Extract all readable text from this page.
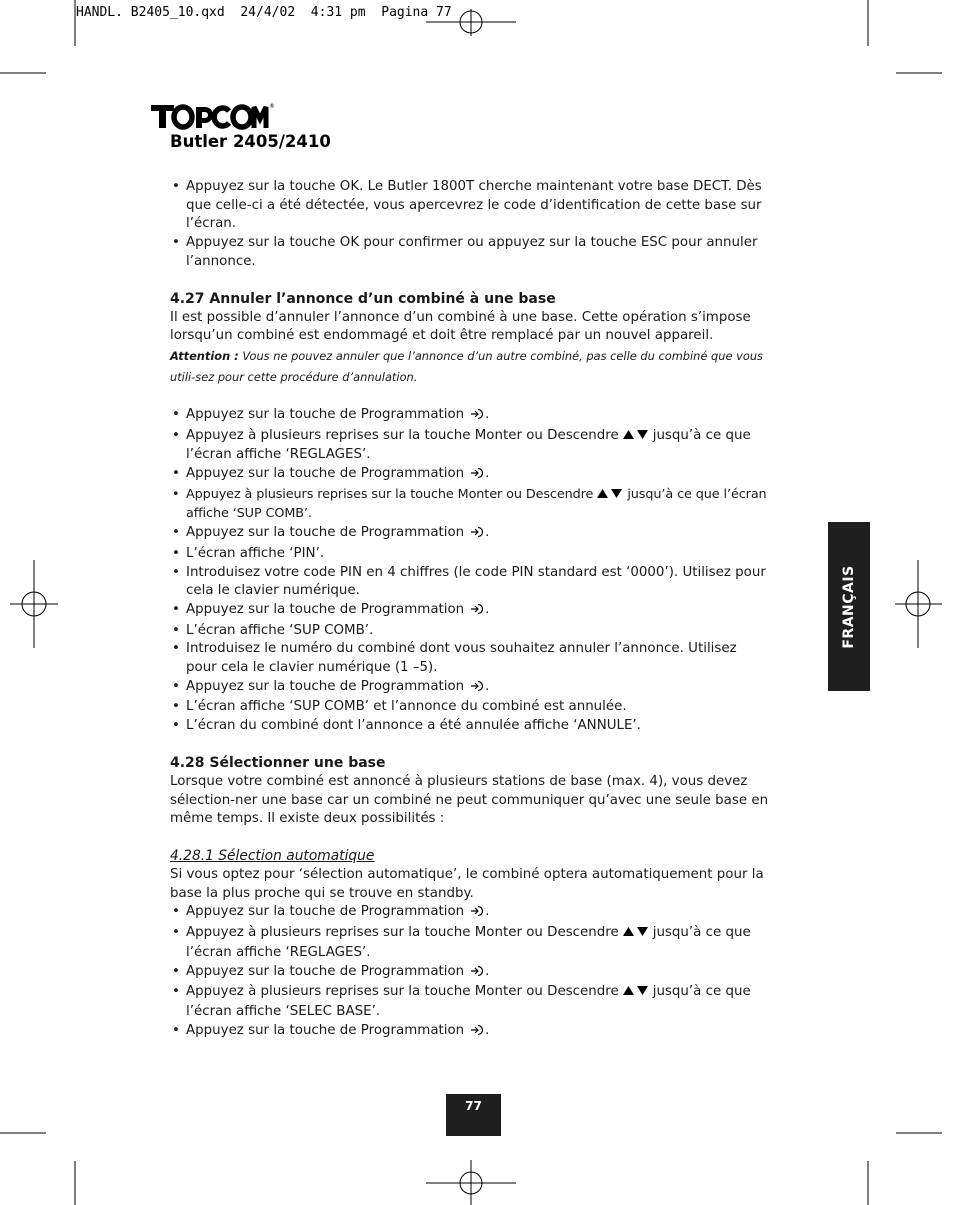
HANDL. B2405_10.qxd  24/4/02  4:31 pm  Pagina 77
®
TOPCOM
Butler 2405/2410
• Appuyez sur la touche OK. Le Butler 1800T cherche maintenant votre base DECT. Dès que celle-ci a été détectée, vous apercevrez le code d’identification de cette base sur l’écran.
• Appuyez sur la touche OK pour confirmer ou appuyez sur la touche ESC pour annuler l’annonce.
4.27 Annuler l’annonce d’un combiné à une base

Il est possible d’annuler l’annonce d’un combiné à une base. Cette opération s’impose lorsqu’un combiné est endommagé et doit être remplacé par un nouvel appareil.

Attention : Vous ne pouvez annuler que l’annonce d’un autre combiné, pas celle du combiné que vous utili-sez pour cette procédure d’annulation.

• Appuyez sur la touche de Programmation .
• Appuyez à plusieurs reprises sur la touche Monter ou Descendre	jusqu’à ce que l’écran affiche ‘REGLAGES’.
• Appuyez sur la touche de Programmation .
• Appuyez à plusieurs reprises sur la touche Monter ou Descendre	jusqu’à ce que l’écran affiche ‘SUP COMB’.
• Appuyez sur la touche de Programmation .
• L’écran affiche ‘PIN’.
• Introduisez votre code PIN en 4 chiffres (le code PIN standard est ‘0000’). Utilisez pour cela le clavier numérique.
• Appuyez sur la touche de Programmation .
• L’écran affiche ‘SUP COMB’.
• Introduisez le numéro du combiné dont vous souhaitez annuler l’annonce. Utilisez
pour cela le clavier numérique (1 –5).
• Appuyez sur la touche de Programmation .
• L’écran affiche ‘SUP COMB’ et l’annonce du combiné est annulée.
• L’écran du combiné dont l’annonce a été annulée affiche ‘ANNULE’.
4.28 Sélectionner une base

Lorsque votre combiné est annoncé à plusieurs stations de base (max. 4), vous devez sélection-ner une base car un combiné ne peut communiquer qu’avec une seule base en même temps. Il existe deux possibilités :

4.28.1 Sélection automatique

Si vous optez pour ‘sélection automatique’, le combiné optera automatiquement pour la base la plus proche qui se trouve en standby.

• Appuyez sur la touche de Programmation .
• Appuyez à plusieurs reprises sur la touche Monter ou Descendre	jusqu’à ce que l’écran affiche ‘REGLAGES’.
• Appuyez sur la touche de Programmation .
• Appuyez à plusieurs reprises sur la touche Monter ou Descendre	jusqu’à ce que l’écran affiche ‘SELEC BASE’.
• Appuyez sur la touche de Programmation .
FRANÇAIS
77
